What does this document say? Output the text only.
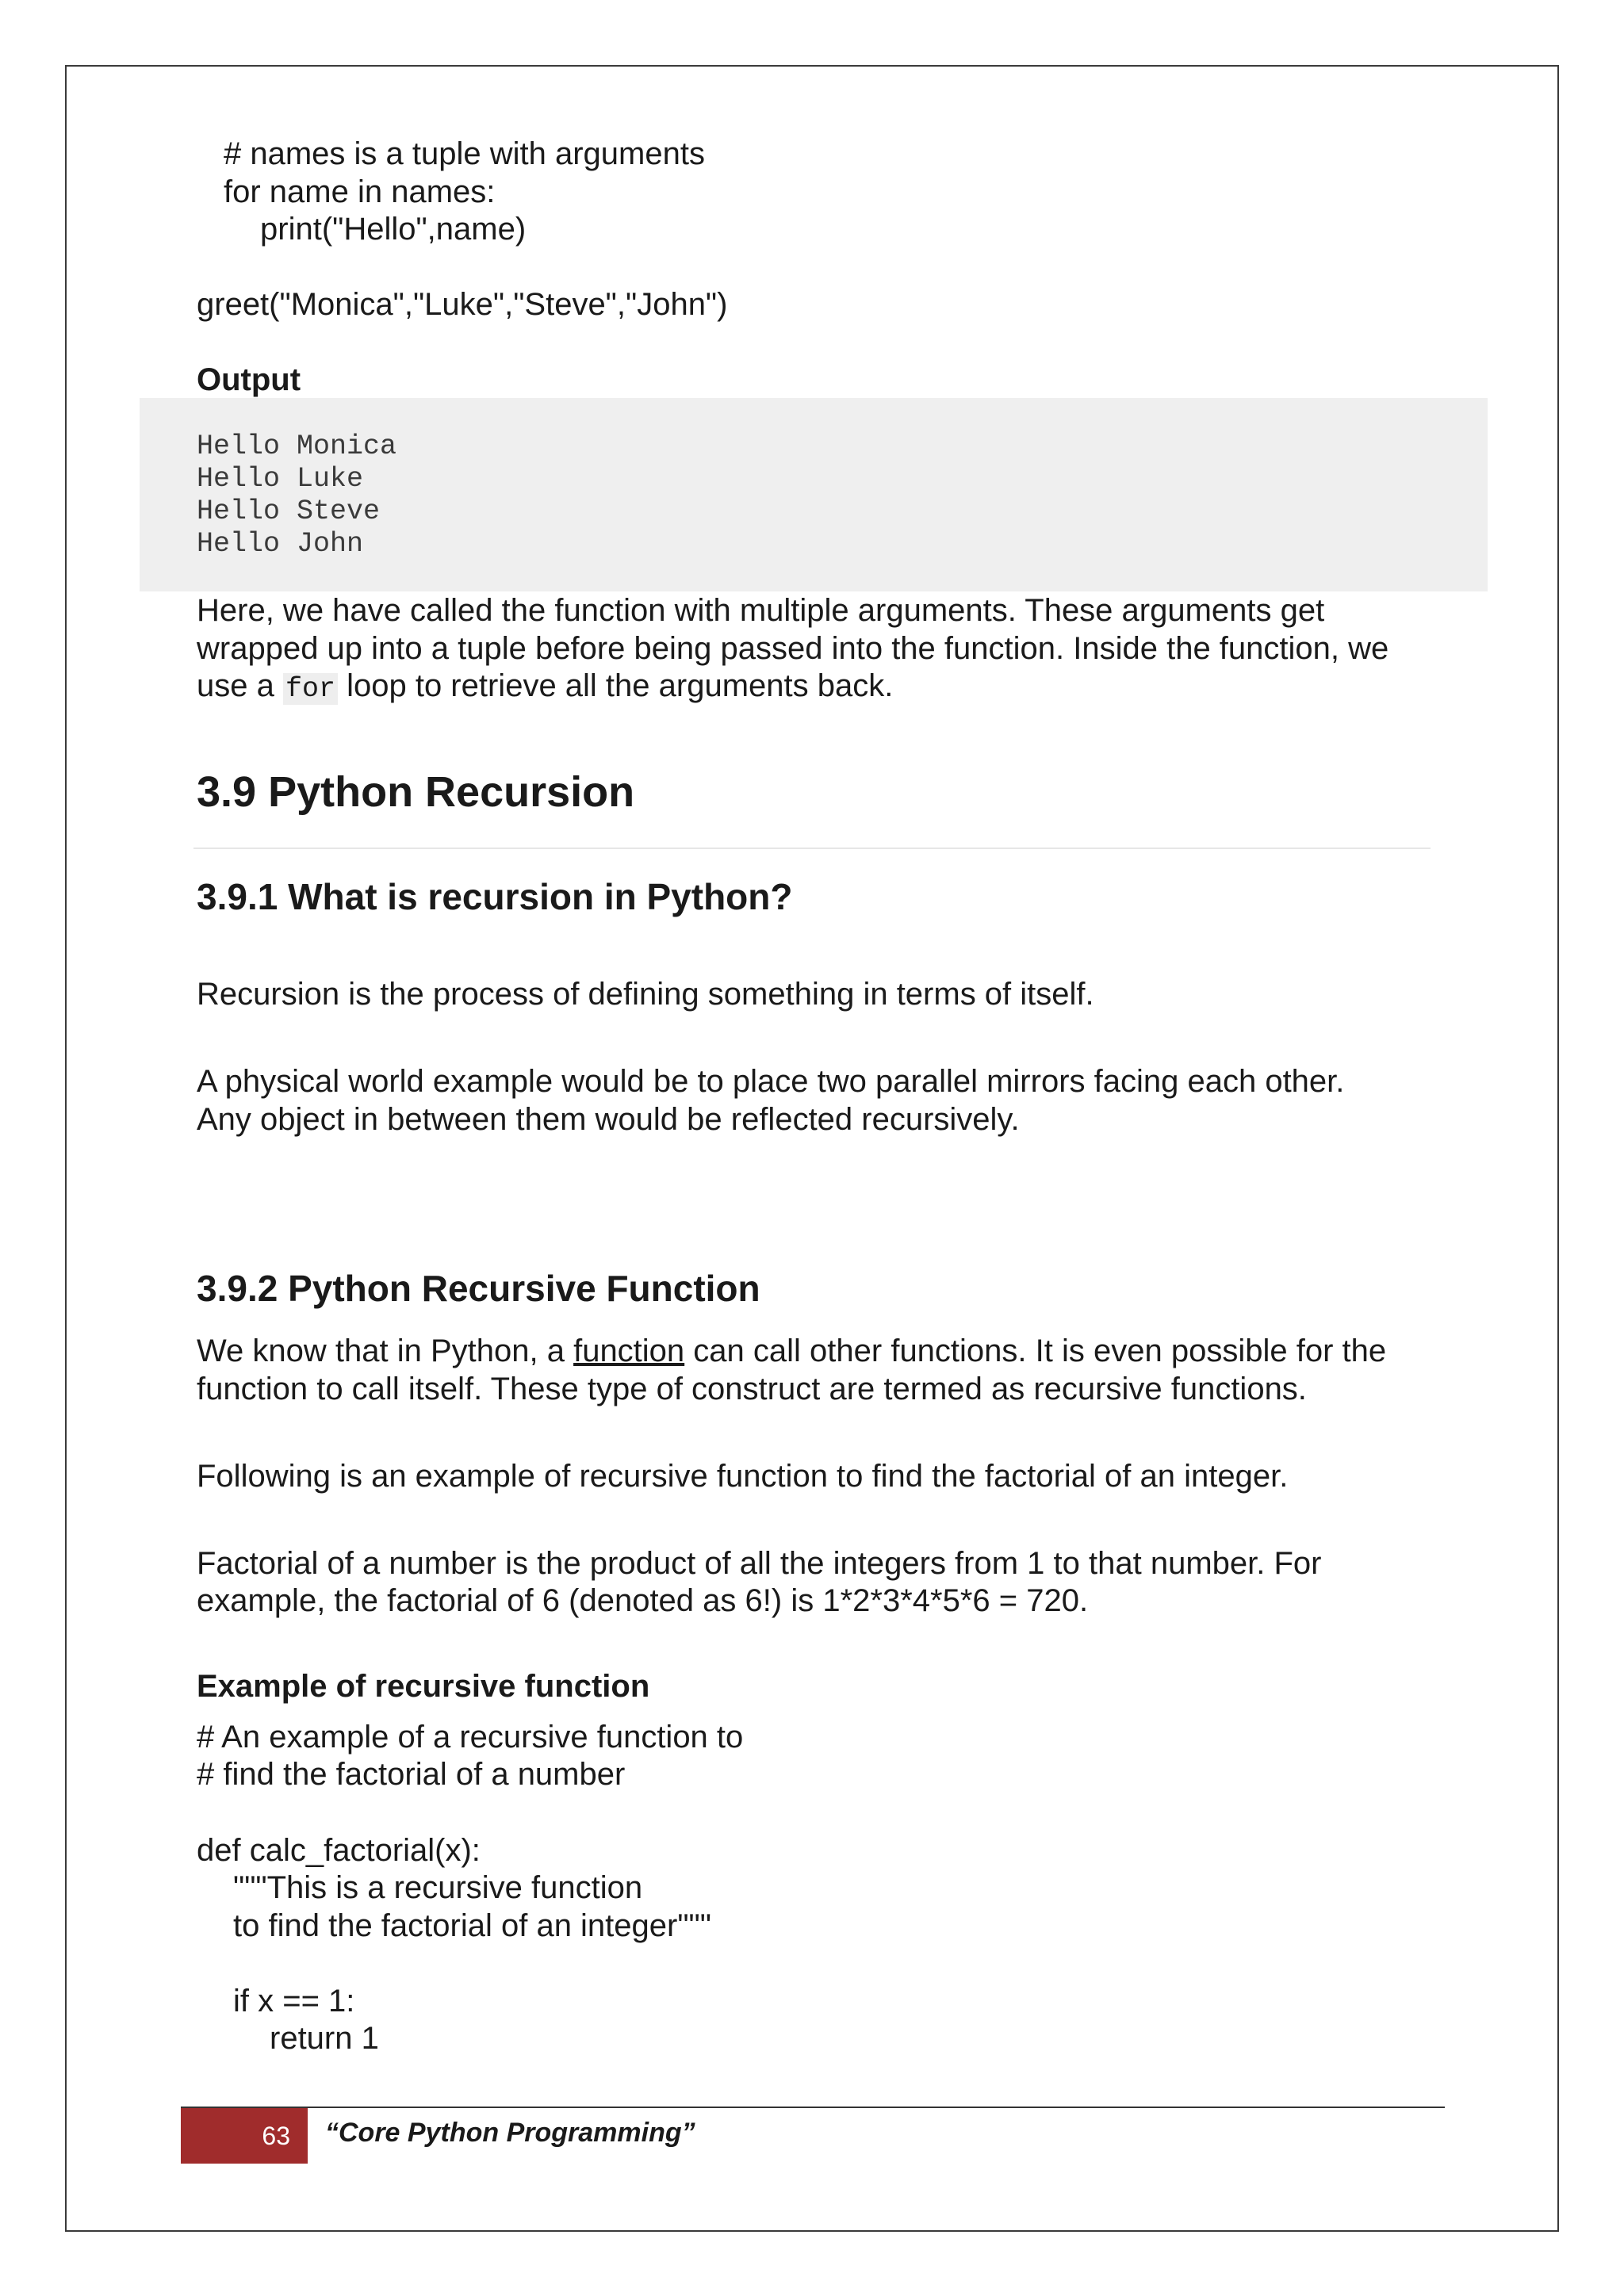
# names is a tuple with arguments

for name in names:

print("Hello",name)

greet("Monica","Luke","Steve","John")

Output

Hello Monica
Hello Luke
Hello Steve
Hello John

Here, we have called the function with multiple arguments. These arguments get

wrapped up into a tuple before being passed into the function. Inside the function, we

use a for loop to retrieve all the arguments back.

3.9 Python Recursion
3.9.1 What is recursion in Python?

Recursion is the process of defining something in terms of itself.

A physical world example would be to place two parallel mirrors facing each other.

Any object in between them would be reflected recursively.

3.9.2 Python Recursive Function

We know that in Python, a function can call other functions. It is even possible for the

function to call itself. These type of construct are termed as recursive functions.

Following is an example of recursive function to find the factorial of an integer.

Factorial of a number is the product of all the integers from 1 to that number. For

example, the factorial of 6 (denoted as 6!) is 1*2*3*4*5*6 = 720.

Example of recursive function

# An example of a recursive function to

# find the factorial of a number

def calc_factorial(x):

"""This is a recursive function

to find the factorial of an integer"""

if x == 1:

return 1

63	“Core Python Programming”
